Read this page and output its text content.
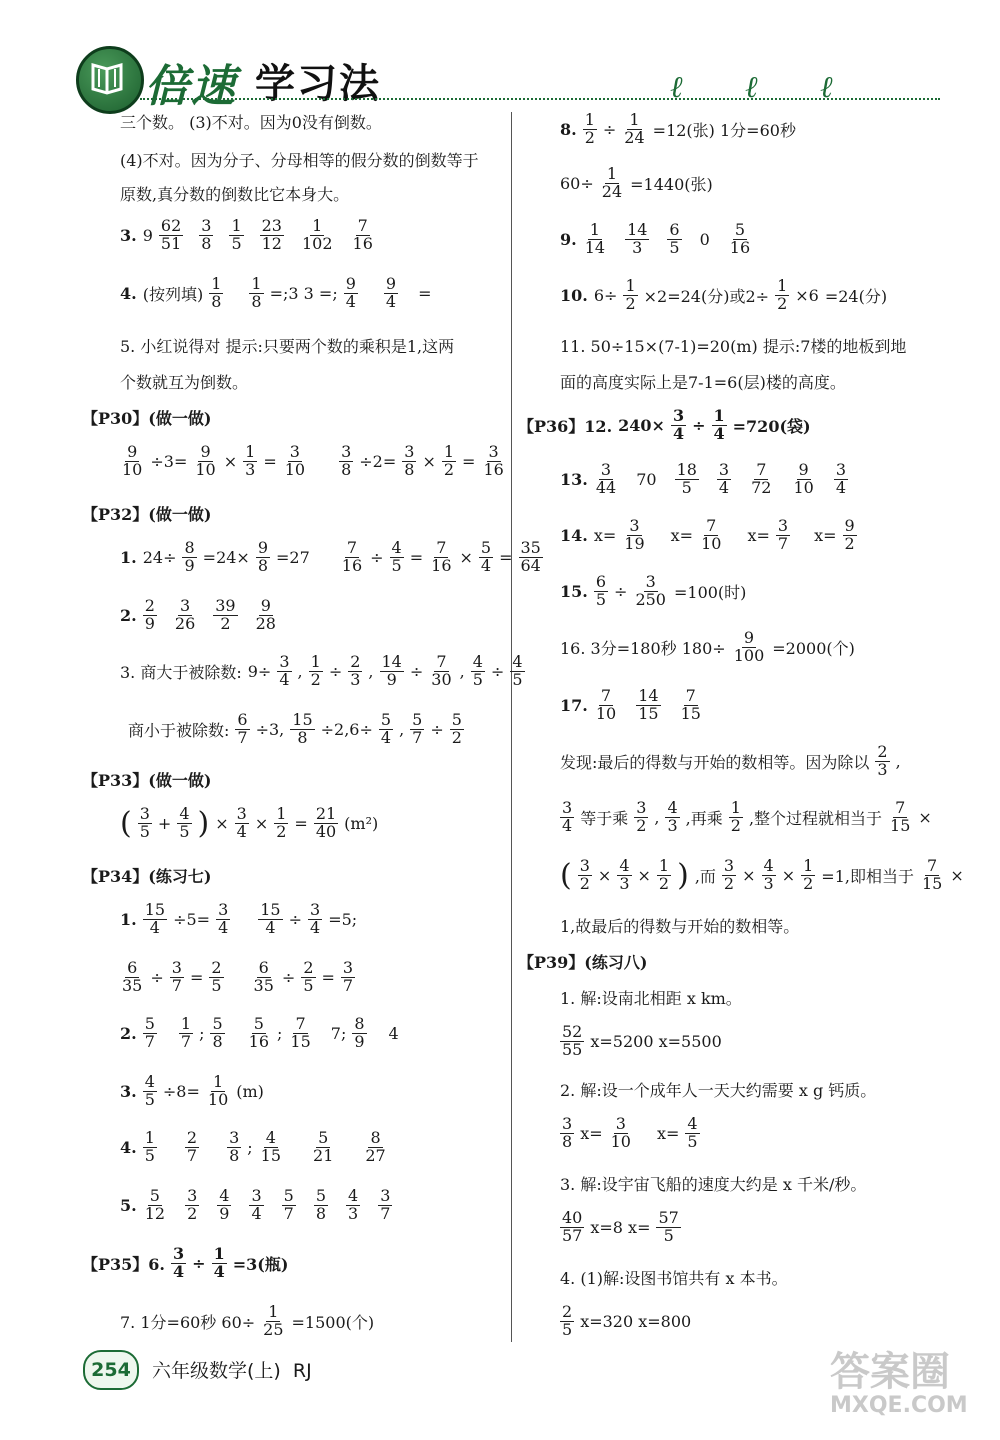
倍速 学习法	ℓ ℓ ℓ
三个数。 (3)不对。因为0没有倒数。
(4)不对。因为分子、分母相等的假分数的倒数等于
原数,真分数的倒数比它本身大。
3. $9 \frac{62}{51} \frac{3}{8} \frac{1}{5} \frac{23}{12} \frac{1}{102} \frac{7}{16}$
4. (按列填) $\frac{1}{8} \frac{1}{8}$ =;3 3 =; $\frac{9}{4} \frac{9}{4}$ =
5. 小红说得对 提示:只要两个数的乘积是1,这两
个数就互为倒数。
【P30】(做一做)
$\frac{9}{10} \div 3= \frac{9}{10} \times \frac{1}{3} = \frac{3}{10} \frac{3}{8} \div 2= \frac{3}{8} \times \frac{1}{2} = \frac{3}{16}$
【P32】(做一做)
1. $24\div \frac{8}{9} =24\times \frac{9}{8} =27 \frac{7}{16} \div \frac{4}{5} = \frac{7}{16} \times \frac{5}{4} = \frac{35}{64}$
2. $\frac{2}{9} \frac{3}{26} \frac{39}{2} \frac{9}{28}$
3. 商大于被除数: $9\div \frac{3}{4}$ , $\frac{1}{2} \div \frac{2}{3}$ , $\frac{14}{9} \div \frac{7}{30}$ , $\frac{4}{5} \div \frac{4}{5}$
商小于被除数: $\frac{6}{7} \div 3$, $\frac{15}{8} \div 2,6\div \frac{5}{4}$ , $\frac{5}{7} \div \frac{5}{2}$
【P33】(做一做)
( $\frac{3}{5} + \frac{4}{5}$ ) × $\frac{3}{4} \times \frac{1}{2} = \frac{21}{40} (m^2)$
【P34】(练习七)
1. $\frac{15}{4} \div 5= \frac{3}{4} \frac{15}{4} \div \frac{3}{4} =5$;
$\frac{6}{35} \div \frac{3}{7} = \frac{2}{5} \frac{6}{35} \div \frac{2}{5} = \frac{3}{7}$
2. $\frac{5}{7} \frac{1}{7}$ ; $\frac{5}{8} \frac{5}{16}$ ; $\frac{7}{15} 7$; $\frac{8}{9} 4$
3. $\frac{4}{5} \div 8= \frac{1}{10} (m)$
4. $\frac{1}{5} \frac{2}{7} \frac{3}{8}$ ; $\frac{4}{15} \frac{5}{21} \frac{8}{27}$
5. $\frac{5}{12} \frac{3}{2} \frac{4}{9} \frac{3}{4} \frac{5}{7} \frac{5}{8} \frac{4}{3} \frac{3}{7}$
【P35】6. $\frac{3}{4} \div \frac{1}{4} =3$(瓶)
7. 1分=60秒 $60\div \frac{1}{25} =1500$(个)
8. $\frac{1}{2} \div \frac{1}{24} =12$(张) 1分=60秒
$60\div \frac{1}{24} =1440$(张)
9. $\frac{1}{14} \frac{14}{3} \frac{6}{5} 0 \frac{5}{16}$
10. $6\div \frac{1}{2} \times 2=24$(分)或$2\div \frac{1}{2} \times 6 =24$(分)
11. 50÷15×(7-1)=20(m) 提示:7楼的地板到地
面的高度实际上是7-1=6(层)楼的高度。
【P36】12. $240\times \frac{3}{4} \div \frac{1}{4} =720$(袋)
13. $\frac{3}{44} 70 \frac{18}{5} \frac{3}{4} \frac{7}{72} \frac{9}{10} \frac{3}{4}$
14. $x= \frac{3}{19} x= \frac{7}{10} x= \frac{3}{7} x= \frac{9}{2}$
15. $\frac{6}{5} \div \frac{3}{250} =100$(时)
16. 3分=180秒 $180\div \frac{9}{100} =2000$(个)
17. $\frac{7}{10} \frac{14}{15} \frac{7}{15}$
发现:最后的得数与开始的数相等。因为除以 $\frac{2}{3}$ ,
$\frac{3}{4}$ 等于乘 $\frac{3}{2}$ , $\frac{4}{3}$ ,再乘 $\frac{1}{2}$ ,整个过程就相当于 $\frac{7}{15}$ ×
( $\frac{3}{2} \times \frac{4}{3} \times \frac{1}{2}$ ) ,而 $\frac{3}{2} \times \frac{4}{3} \times \frac{1}{2} =1$,即相当于 $\frac{7}{15}$ ×
1,故最后的得数与开始的数相等。
【P39】(练习八)
1. 解:设南北相距 x km。
$\frac{52}{55} x=5200$ x=5500
2. 解:设一个成年人一天大约需要 x g 钙质。
$\frac{3}{8} x= \frac{3}{10} x= \frac{4}{5}$
3. 解:设宇宙飞船的速度大约是 x 千米/秒。
$\frac{40}{57} x=8$ $x= \frac{57}{5}$
4. (1)解:设图书馆共有 x 本书。
$\frac{2}{5} x=320$ x=800
254	六年级数学(上) RJ	答案圈
MXQE.COM
